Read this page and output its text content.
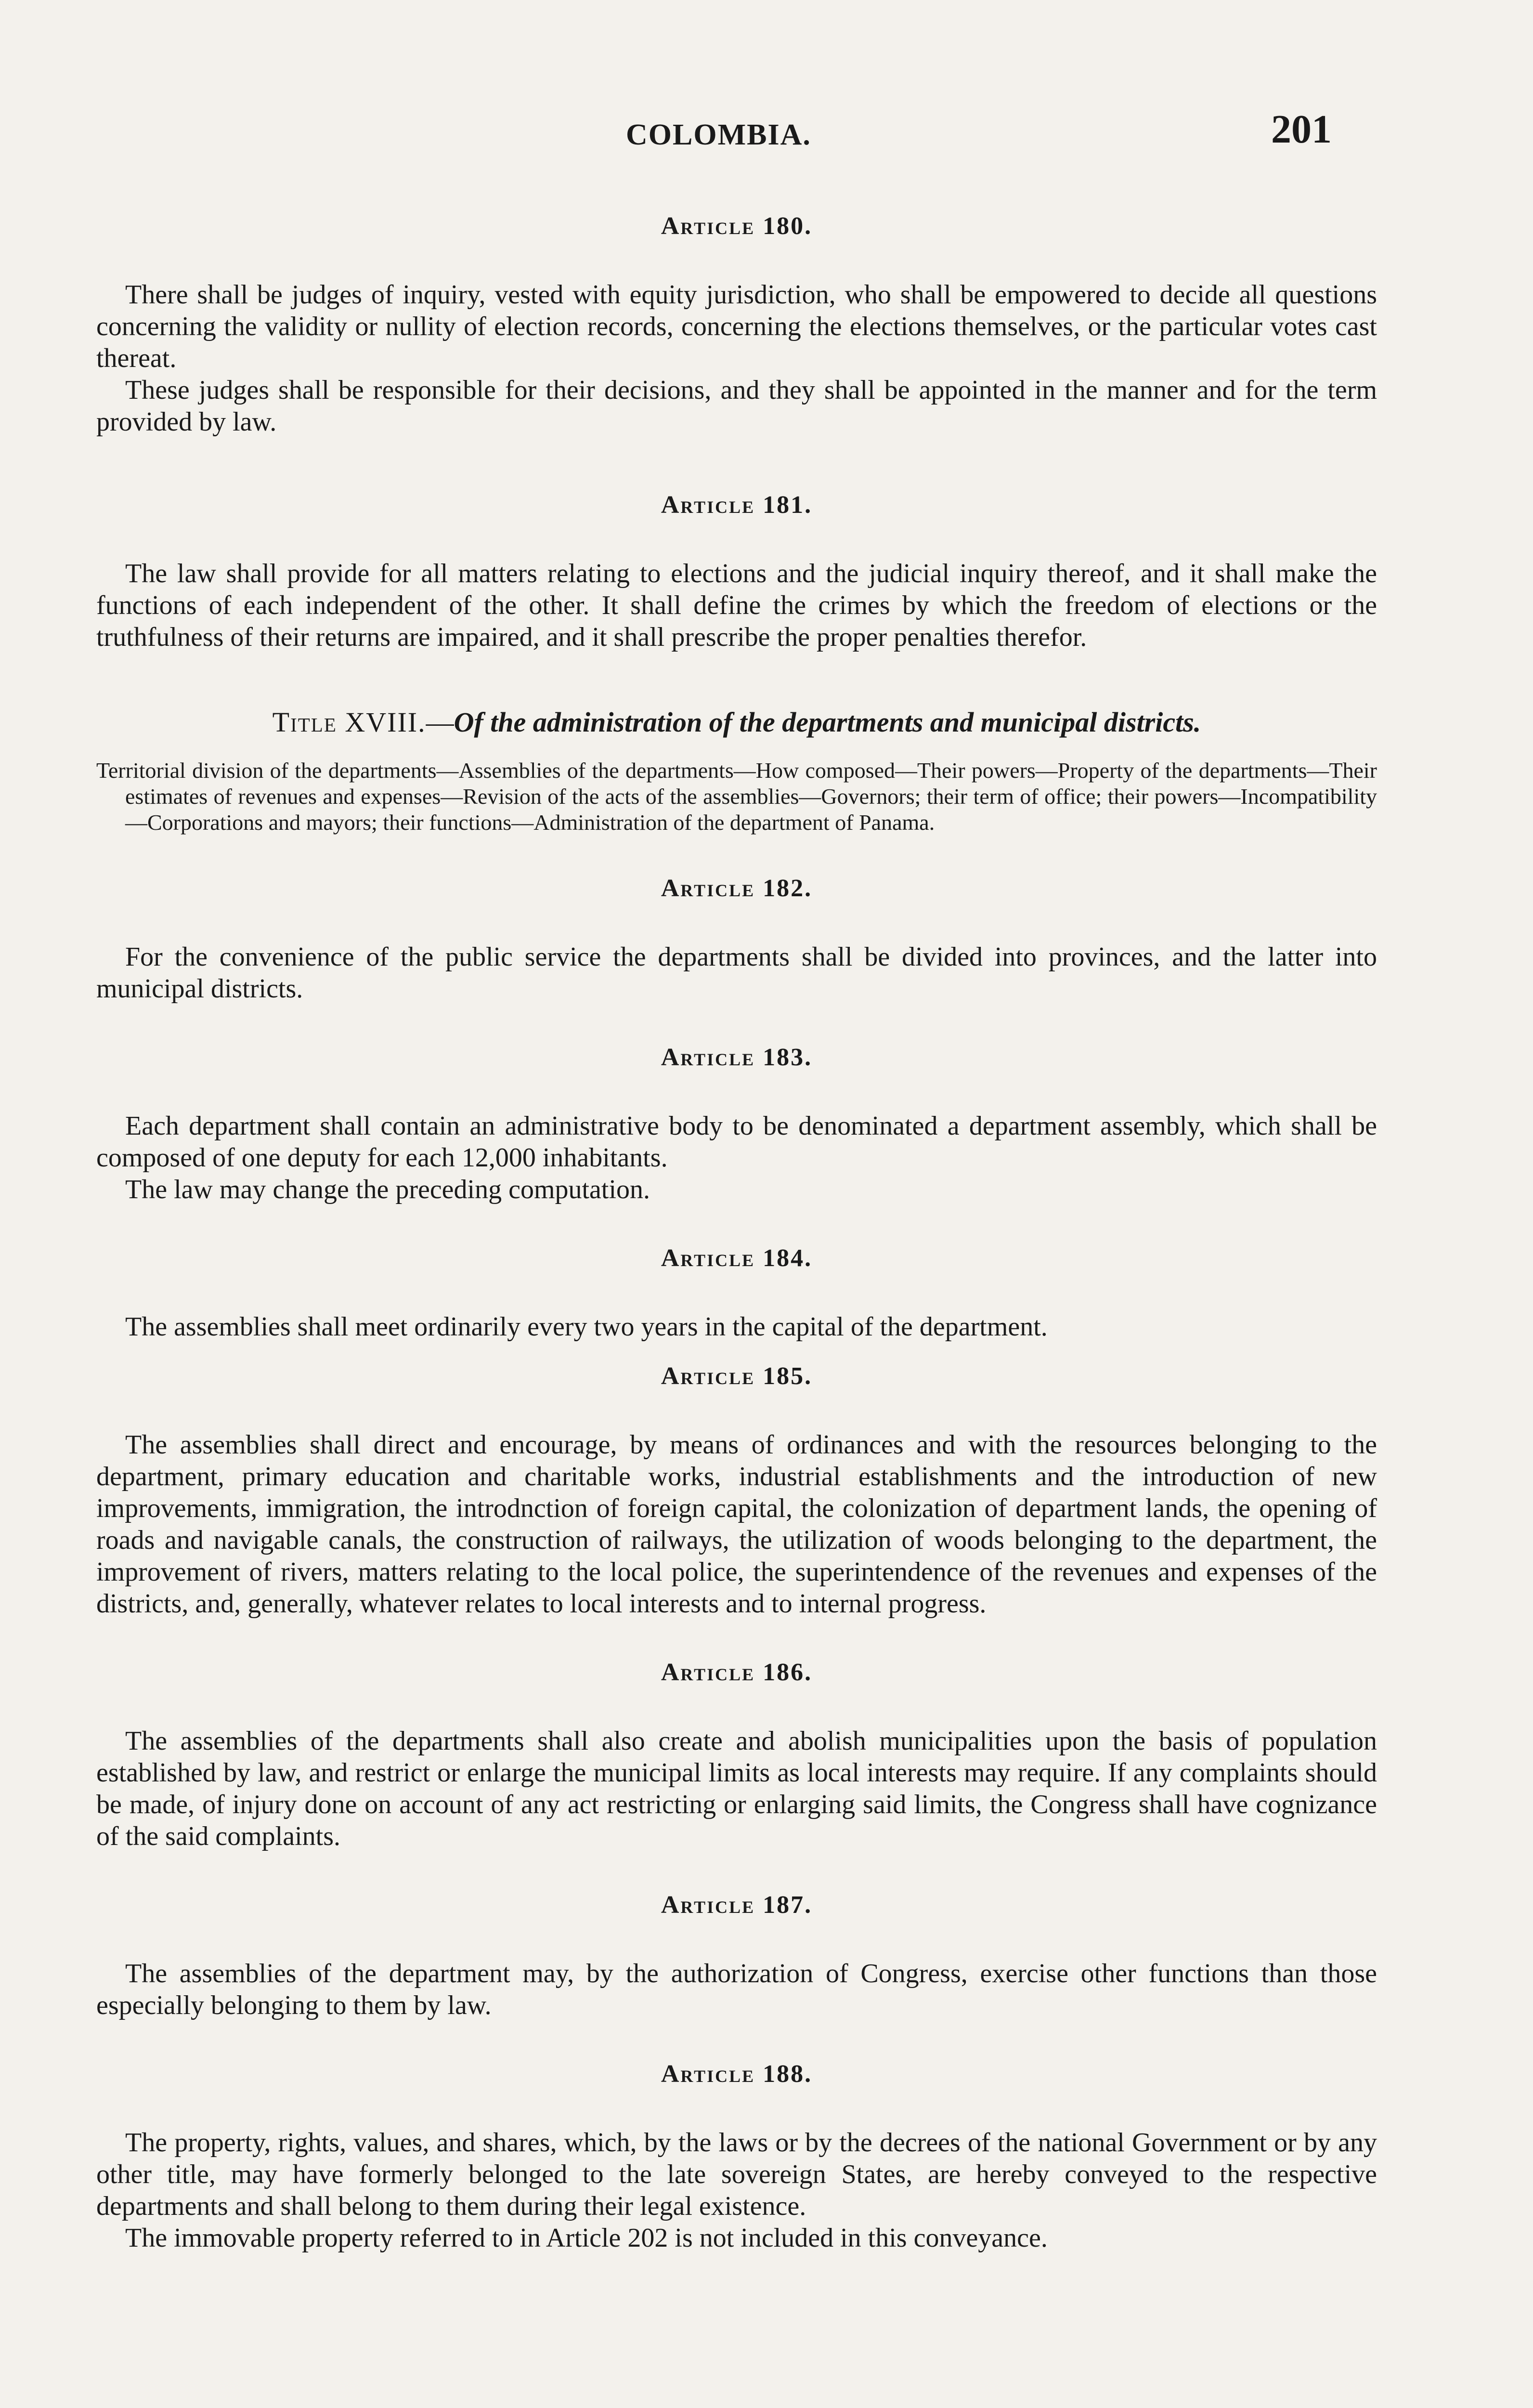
COLOMBIA.	201
Article 180.

There shall be judges of inquiry, vested with equity jurisdiction, who shall be empowered to decide all questions concerning the validity or nullity of election records, concerning the elections themselves, or the particular votes cast thereat.

These judges shall be responsible for their decisions, and they shall be appointed in the manner and for the term provided by law.

Article 181.

The law shall provide for all matters relating to elections and the judicial inquiry thereof, and it shall make the functions of each independent of the other. It shall define the crimes by which the freedom of elections or the truthfulness of their returns are impaired, and it shall prescribe the proper penalties therefor.

Title XVIII.—Of the administration of the departments and municipal districts.

Territorial division of the departments—Assemblies of the departments—How composed—Their powers—Property of the departments—Their estimates of revenues and expenses—Revision of the acts of the assemblies—Governors; their term of office; their powers—Incompatibility—Corporations and mayors; their functions—Administration of the department of Panama.

Article 182.

For the convenience of the public service the departments shall be divided into provinces, and the latter into municipal districts.

Article 183.

Each department shall contain an administrative body to be denominated a department assembly, which shall be composed of one deputy for each 12,000 inhabitants.

The law may change the preceding computation.

Article 184.

The assemblies shall meet ordinarily every two years in the capital of the department.

Article 185.

The assemblies shall direct and encourage, by means of ordinances and with the resources belonging to the department, primary education and charitable works, industrial establishments and the introduction of new improvements, immigration, the introdnction of foreign capital, the colonization of department lands, the opening of roads and navigable canals, the construction of railways, the utilization of woods belonging to the department, the improvement of rivers, matters relating to the local police, the superintendence of the revenues and expenses of the districts, and, generally, whatever relates to local interests and to internal progress.

Article 186.

The assemblies of the departments shall also create and abolish municipalities upon the basis of population established by law, and restrict or enlarge the municipal limits as local interests may require. If any complaints should be made, of injury done on account of any act restricting or enlarging said limits, the Congress shall have cognizance of the said complaints.

Article 187.

The assemblies of the department may, by the authorization of Congress, exercise other functions than those especially belonging to them by law.

Article 188.

The property, rights, values, and shares, which, by the laws or by the decrees of the national Government or by any other title, may have formerly belonged to the late sovereign States, are hereby conveyed to the respective departments and shall belong to them during their legal existence.

The immovable property referred to in Article 202 is not included in this conveyance.
